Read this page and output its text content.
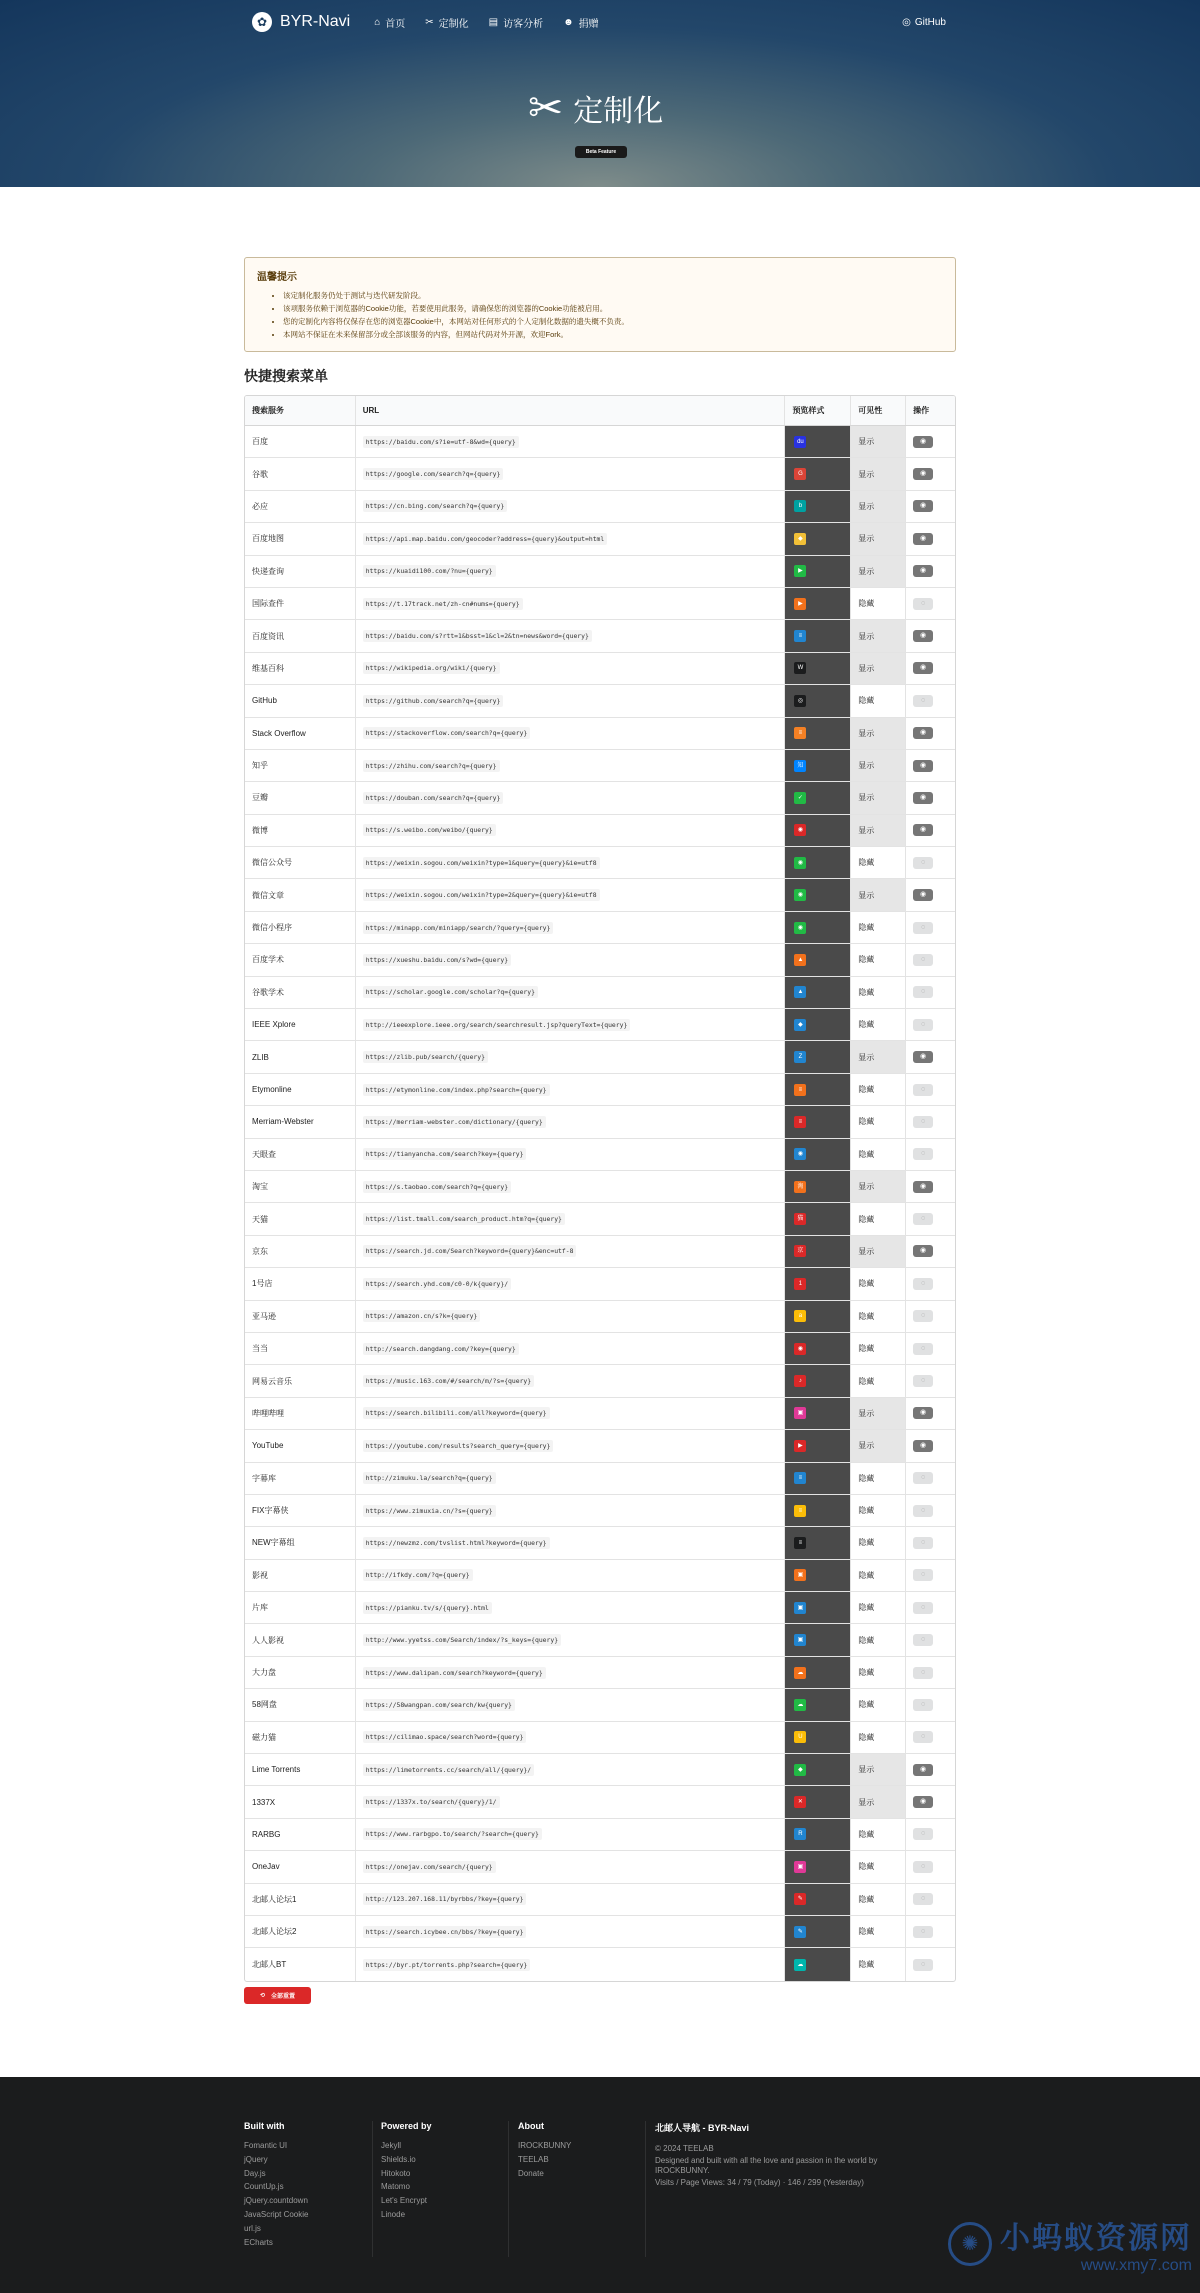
✿ BYR-Navi ⌂ 首页 ✂ 定制化 ▤ 访客分析 ☻ 捐赠	◎ GitHub
✂ 定制化
Beta Feature
温馨提示
• 该定制化服务仍处于测试与迭代研发阶段。
• 该项服务依赖于浏览器的Cookie功能，若要使用此服务，请确保您的浏览器的Cookie功能被启用。
• 您的定制化内容将仅保存在您的浏览器Cookie中，本网站对任何形式的个人定制化数据的遗失概不负责。
• 本网站不保证在未来保留部分或全部该服务的内容，但网站代码对外开源，欢迎Fork。
快捷搜索菜单
搜索服务	URL	预览样式	可见性	操作
百度	https://baidu.com/s?ie=utf-8&wd={query}	du	显示	◉
谷歌	https://google.com/search?q={query}	G	显示	◉
必应	https://cn.bing.com/search?q={query}	b	显示	◉
百度地图	https://api.map.baidu.com/geocoder?address={query}&output=html	◆	显示	◉
快递查询	https://kuaidi100.com/?nu={query}	▶	显示	◉
国际查件	https://t.17track.net/zh-cn#nums={query}	▶	隐藏	◌
百度资讯	https://baidu.com/s?rtt=1&bsst=1&cl=2&tn=news&word={query}	≡	显示	◉
维基百科	https://wikipedia.org/wiki/{query}	W	显示	◉
GitHub	https://github.com/search?q={query}	◎	隐藏	◌
Stack Overflow	https://stackoverflow.com/search?q={query}	≡	显示	◉
知乎	https://zhihu.com/search?q={query}	知	显示	◉
豆瓣	https://douban.com/search?q={query}	✓	显示	◉
微博	https://s.weibo.com/weibo/{query}	◉	显示	◉
微信公众号	https://weixin.sogou.com/weixin?type=1&query={query}&ie=utf8	◉	隐藏	◌
微信文章	https://weixin.sogou.com/weixin?type=2&query={query}&ie=utf8	◉	显示	◉
微信小程序	https://minapp.com/miniapp/search/?query={query}	◉	隐藏	◌
百度学术	https://xueshu.baidu.com/s?wd={query}	▲	隐藏	◌
谷歌学术	https://scholar.google.com/scholar?q={query}	▲	隐藏	◌
IEEE Xplore	http://ieeexplore.ieee.org/search/searchresult.jsp?queryText={query}	◆	隐藏	◌
ZLIB	https://zlib.pub/search/{query}	Z	显示	◉
Etymonline	https://etymonline.com/index.php?search={query}	≡	隐藏	◌
Merriam-Webster	https://merriam-webster.com/dictionary/{query}	≡	隐藏	◌
天眼查	https://tianyancha.com/search?key={query}	◉	隐藏	◌
淘宝	https://s.taobao.com/search?q={query}	淘	显示	◉
天猫	https://list.tmall.com/search_product.htm?q={query}	猫	隐藏	◌
京东	https://search.jd.com/Search?keyword={query}&enc=utf-8	京	显示	◉
1号店	https://search.yhd.com/c0-0/k{query}/	1	隐藏	◌
亚马逊	https://amazon.cn/s?k={query}	a	隐藏	◌
当当	http://search.dangdang.com/?key={query}	◉	隐藏	◌
网易云音乐	https://music.163.com/#/search/m/?s={query}	♪	隐藏	◌
哔哩哔哩	https://search.bilibili.com/all?keyword={query}	▣	显示	◉
YouTube	https://youtube.com/results?search_query={query}	▶	显示	◉
字幕库	http://zimuku.la/search?q={query}	≡	隐藏	◌
FIX字幕侠	https://www.zimuxia.cn/?s={query}	≡	隐藏	◌
NEW字幕组	https://newzmz.com/tvslist.html?keyword={query}	≡	隐藏	◌
影视	http://ifkdy.com/?q={query}	▣	隐藏	◌
片库	https://pianku.tv/s/{query}.html	▣	隐藏	◌
人人影视	http://www.yyetss.com/Search/index/?s_keys={query}	▣	隐藏	◌
大力盘	https://www.dalipan.com/search?keyword={query}	☁	隐藏	◌
58网盘	https://58wangpan.com/search/kw{query}	☁	隐藏	◌
磁力猫	https://cilimao.space/search?word={query}	U	隐藏	◌
Lime Torrents	https://limetorrents.cc/search/all/{query}/	◆	显示	◉
1337X	https://1337x.to/search/{query}/1/	✕	显示	◉
RARBG	https://www.rarbgpo.to/search/?search={query}	R	隐藏	◌
OneJav	https://onejav.com/search/{query}	▣	隐藏	◌
北邮人论坛1	http://123.207.168.11/byrbbs/?key={query}	✎	隐藏	◌
北邮人论坛2	https://search.icybee.cn/bbs/?key={query}	✎	隐藏	◌
北邮人BT	https://byr.pt/torrents.php?search={query}	☁	隐藏	◌
⟲ 全部重置
Built with
Fomantic UI
jQuery
Day.js
CountUp.js
jQuery.countdown
JavaScript Cookie
url.js
ECharts
Powered by
Jekyll
Shields.io
Hitokoto
Matomo
Let's Encrypt
Linode
About
IROCKBUNNY
TEELAB
Donate
北邮人导航 - BYR-Navi
© 2024 TEELAB
Designed and built with all the love and passion in the world by IROCKBUNNY.
Visits / Page Views: 34 / 79 (Today) · 146 / 299 (Yesterday)
✺ 小蚂蚁资源网
www.xmy7.com
